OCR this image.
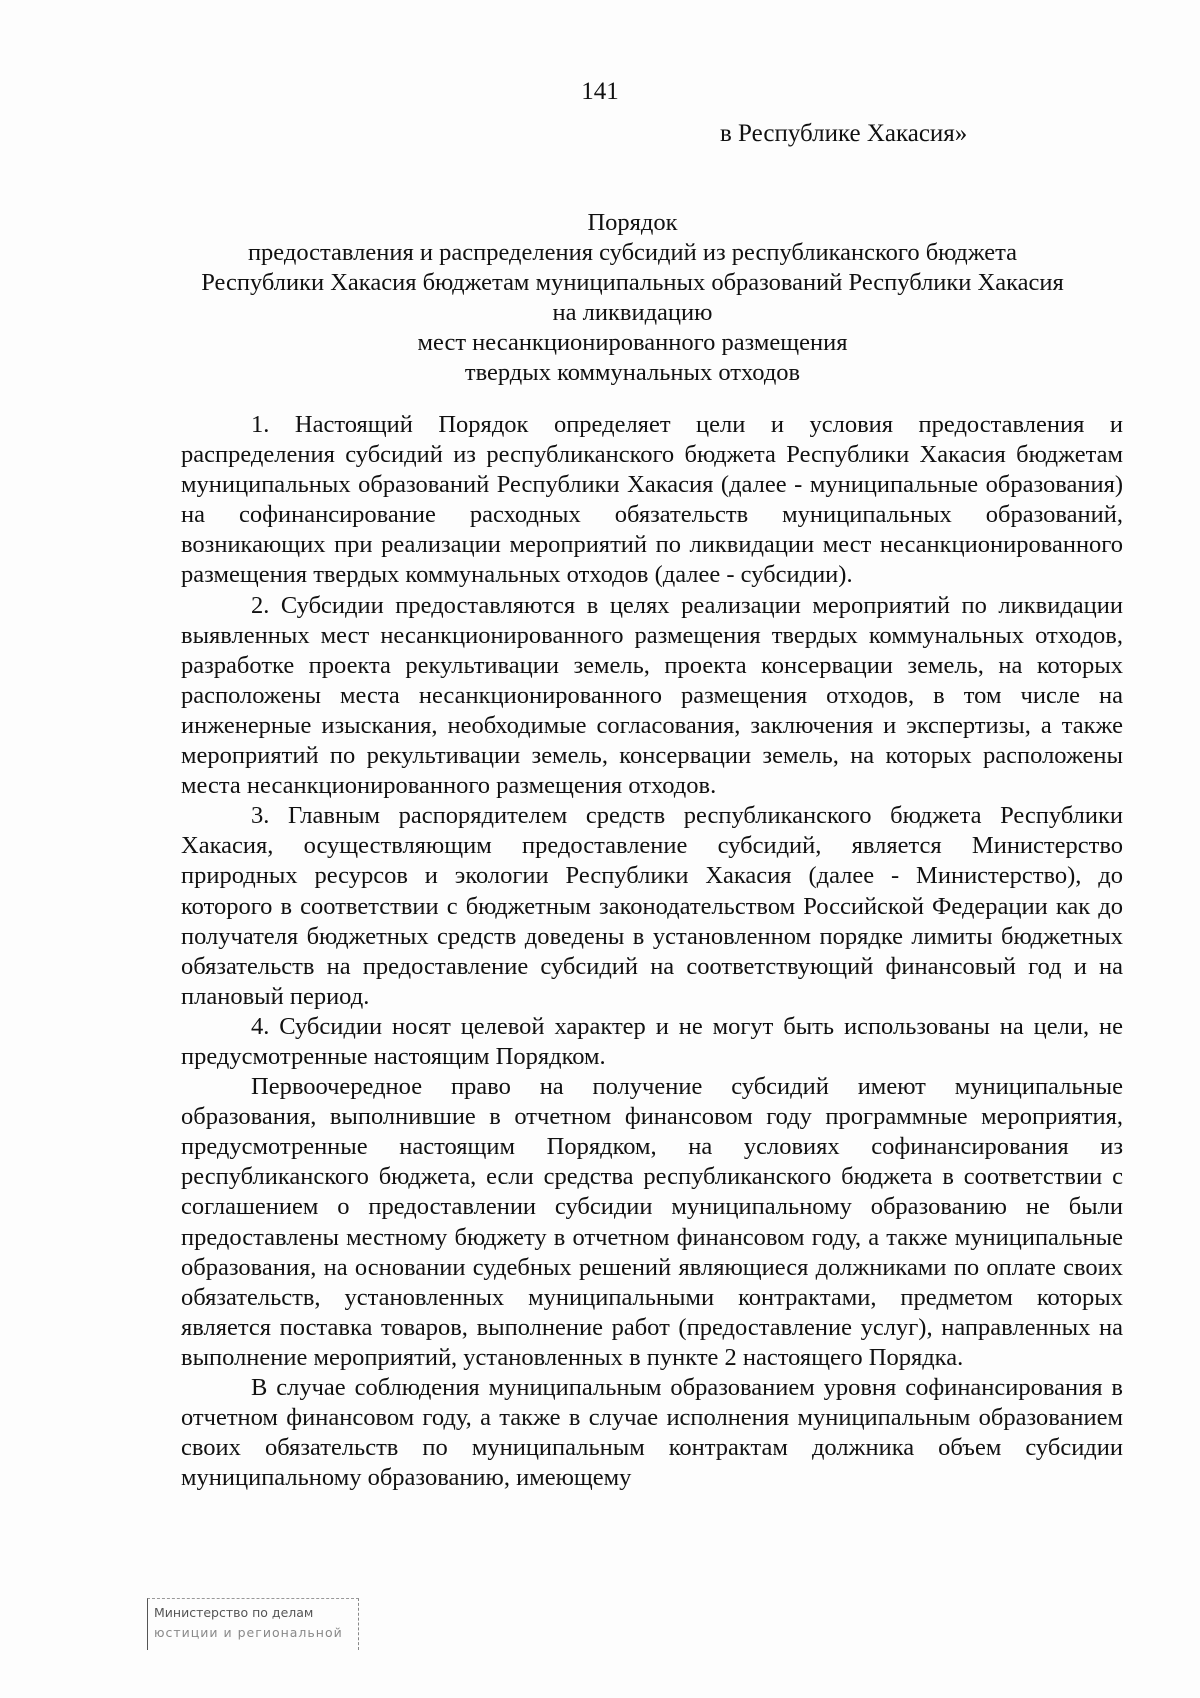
141
в Республике Хакасия»
Порядок
предоставления и распределения субсидий из республиканского бюджета
Республики Хакасия бюджетам муниципальных образований Республики Хакасия
на ликвидацию
мест несанкционированного размещения
твердых коммунальных отходов

1. Настоящий Порядок определяет цели и условия предоставления и распределения субсидий из республиканского бюджета Республики Хакасия бюджетам муниципальных образований Республики Хакасия (далее - муниципальные образования) на софинансирование расходных обязательств муниципальных образований, возникающих при реализации мероприятий по ликвидации мест несанкционированного размещения твердых коммунальных отходов (далее - субсидии).

2. Субсидии предоставляются в целях реализации мероприятий по ликвидации выявленных мест несанкционированного размещения твердых коммунальных отходов, разработке проекта рекультивации земель, проекта консервации земель, на которых расположены места несанкционированного размещения отходов, в том числе на инженерные изыскания, необходимые согласования, заключения и экспертизы, а также мероприятий по рекультивации земель, консервации земель, на которых расположены места несанкционированного размещения отходов.

3. Главным распорядителем средств республиканского бюджета Республики Хакасия, осуществляющим предоставление субсидий, является Министерство природных ресурсов и экологии Республики Хакасия (далее - Министерство), до которого в соответствии с бюджетным законодательством Российской Федерации как до получателя бюджетных средств доведены в установленном порядке лимиты бюджетных обязательств на предоставление субсидий на соответствующий финансовый год и на плановый период.

4. Субсидии носят целевой характер и не могут быть использованы на цели, не предусмотренные настоящим Порядком.

Первоочередное право на получение субсидий имеют муниципальные образования, выполнившие в отчетном финансовом году программные мероприятия, предусмотренные настоящим Порядком, на условиях софинансирования из республиканского бюджета, если средства республиканского бюджета в соответствии с соглашением о предоставлении субсидии муниципальному образованию не были предоставлены местному бюджету в отчетном финансовом году, а также муниципальные образования, на основании судебных решений являющиеся должниками по оплате своих обязательств, установленных муниципальными контрактами, предметом которых является поставка товаров, выполнение работ (предоставление услуг), направленных на выполнение мероприятий, установленных в пункте 2 настоящего Порядка.

В случае соблюдения муниципальным образованием уровня софинансирования в отчетном финансовом году, а также в случае исполнения муниципальным образованием своих обязательств по муниципальным контрактам должника объем субсидии муниципальному образованию, имеющему

Министерство по делам
юстиции и региональной
